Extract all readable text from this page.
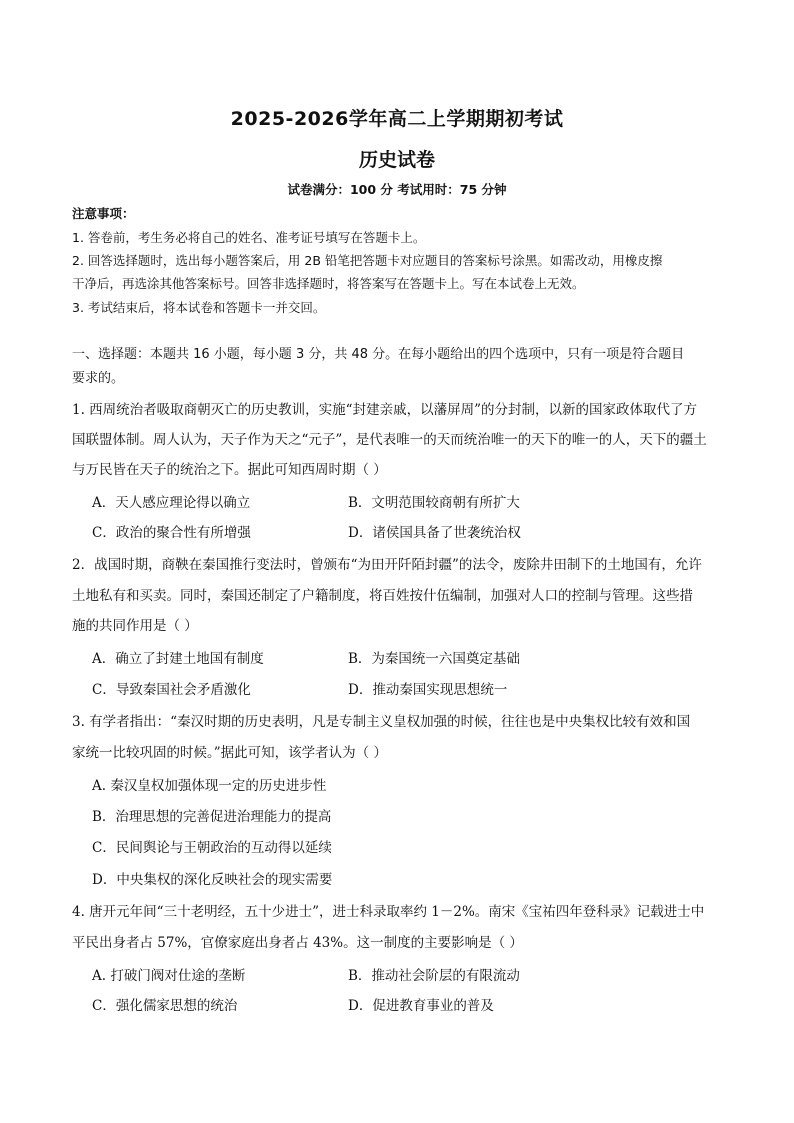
2025-2026学年高二上学期期初考试
历史试卷
试卷满分：100 分 考试用时：75 分钟
注意事项：
1. 答卷前，考生务必将自己的姓名、准考证号填写在答题卡上。
2. 回答选择题时，选出每小题答案后，用 2B 铅笔把答题卡对应题目的答案标号涂黑。如需改动，用橡皮擦
干净后，再选涂其他答案标号。回答非选择题时，将答案写在答题卡上。写在本试卷上无效。
3. 考试结束后，将本试卷和答题卡一并交回。
一、选择题：本题共 16 小题，每小题 3 分，共 48 分。在每小题给出的四个选项中，只有一项是符合题目
要求的。
1. 西周统治者吸取商朝灭亡的历史教训，实施“封建亲戚，以藩屏周”的分封制，以新的国家政体取代了方
国联盟体制。周人认为，天子作为天之“元子”，是代表唯一的天而统治唯一的天下的唯一的人，天下的疆土
与万民皆在天子的统治之下。据此可知西周时期（ ）
A．天人感应理论得以确立	B．文明范围较商朝有所扩大
C．政治的聚合性有所增强	D．诸侯国具备了世袭统治权
2．战国时期，商鞅在秦国推行变法时，曾颁布“为田开阡陌封疆”的法令，废除井田制下的土地国有，允许
土地私有和买卖。同时，秦国还制定了户籍制度，将百姓按什伍编制，加强对人口的控制与管理。这些措
施的共同作用是（ ）
A．确立了封建土地国有制度	B．为秦国统一六国奠定基础
C．导致秦国社会矛盾激化	D．推动秦国实现思想统一
3. 有学者指出：“秦汉时期的历史表明，凡是专制主义皇权加强的时候，往往也是中央集权比较有效和国
家统一比较巩固的时候。”据此可知，该学者认为（ ）
A. 秦汉皇权加强体现一定的历史进步性
B．治理思想的完善促进治理能力的提高
C．民间舆论与王朝政治的互动得以延续
D．中央集权的深化反映社会的现实需要
4. 唐开元年间“三十老明经，五十少进士”，进士科录取率约 1－2%。南宋《宝祐四年登科录》记载进士中
平民出身者占 57%，官僚家庭出身者占 43%。这一制度的主要影响是（ ）
A. 打破门阀对仕途的垄断	B．推动社会阶层的有限流动
C．强化儒家思想的统治	D．促进教育事业的普及
